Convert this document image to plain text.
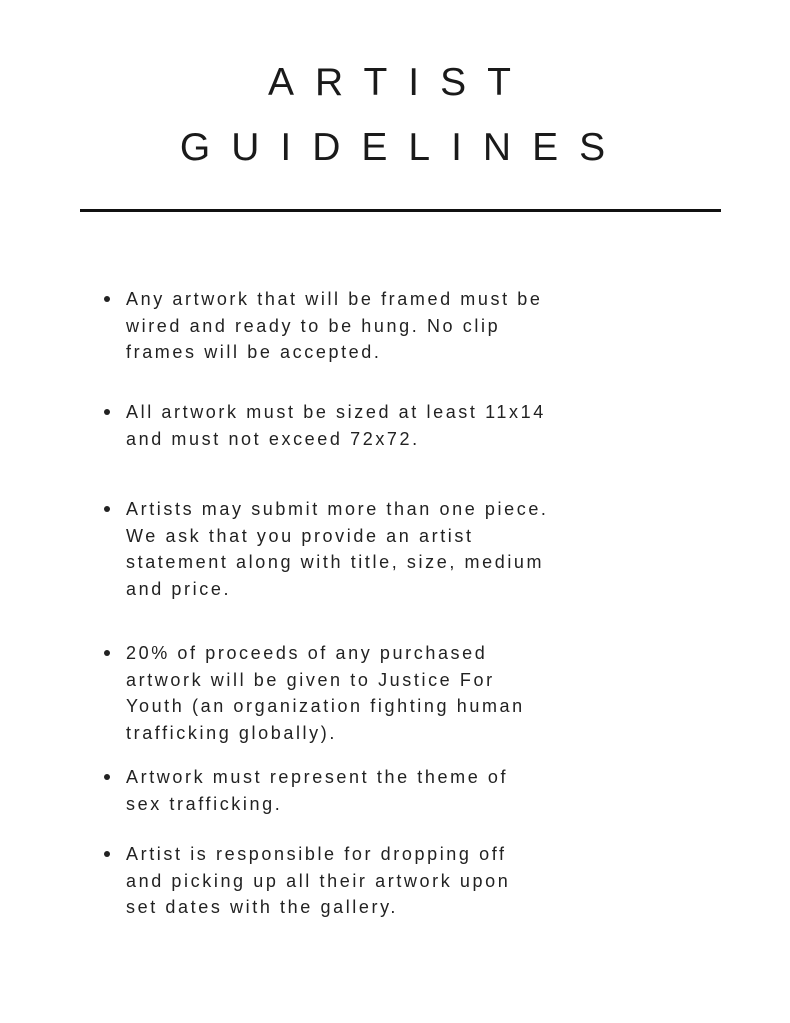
ARTIST
GUIDELINES
Any artwork that will be framed must be
wired and ready to be hung. No clip
frames will be accepted.
All artwork must be sized at least 11x14
and must not exceed 72x72.
Artists may submit more than one piece.
We ask that you provide an artist
statement along with title, size, medium
and price.
20% of proceeds of any purchased
artwork will be given to Justice For
Youth (an organization fighting human
trafficking globally).
Artwork must represent the theme of
sex trafficking.
Artist is responsible for dropping off
and picking up all their artwork upon
set dates with the gallery.
